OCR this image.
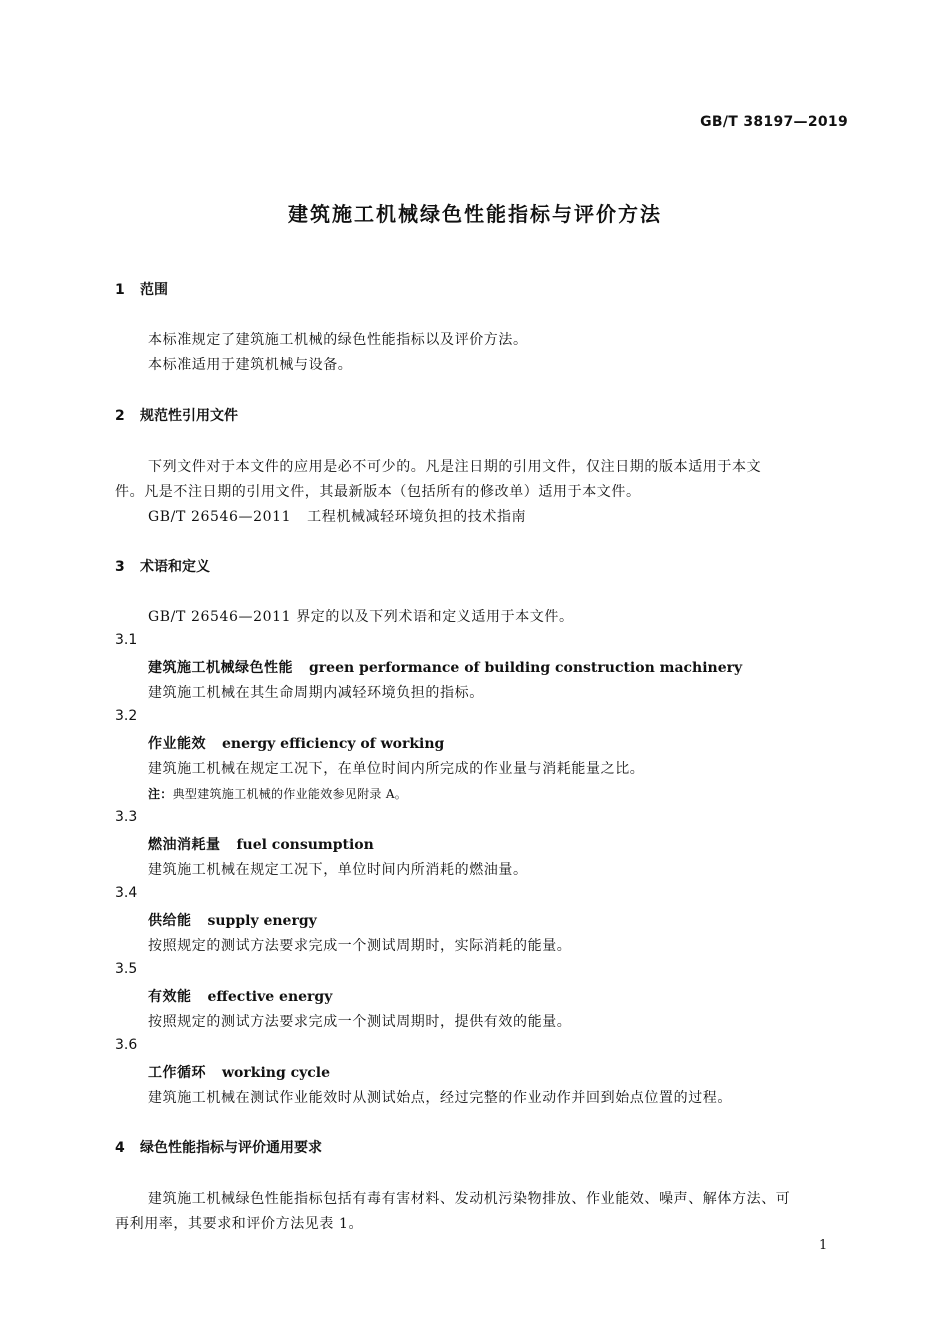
GB/T 38197—2019
建筑施工机械绿色性能指标与评价方法
1 范围
本标准规定了建筑施工机械的绿色性能指标以及评价方法。
本标准适用于建筑机械与设备。
2 规范性引用文件
下列文件对于本文件的应用是必不可少的。凡是注日期的引用文件，仅注日期的版本适用于本文
件。凡是不注日期的引用文件，其最新版本（包括所有的修改单）适用于本文件。
GB/T 26546—2011 工程机械减轻环境负担的技术指南
3 术语和定义
GB/T 26546—2011 界定的以及下列术语和定义适用于本文件。
3.1
建筑施工机械绿色性能 green performance of building construction machinery
建筑施工机械在其生命周期内减轻环境负担的指标。
3.2
作业能效 energy efficiency of working
建筑施工机械在规定工况下，在单位时间内所完成的作业量与消耗能量之比。
注：典型建筑施工机械的作业能效参见附录 A。
3.3
燃油消耗量 fuel consumption
建筑施工机械在规定工况下，单位时间内所消耗的燃油量。
3.4
供给能 supply energy
按照规定的测试方法要求完成一个测试周期时，实际消耗的能量。
3.5
有效能 effective energy
按照规定的测试方法要求完成一个测试周期时，提供有效的能量。
3.6
工作循环 working cycle
建筑施工机械在测试作业能效时从测试始点，经过完整的作业动作并回到始点位置的过程。
4 绿色性能指标与评价通用要求
建筑施工机械绿色性能指标包括有毒有害材料、发动机污染物排放、作业能效、噪声、解体方法、可
再利用率，其要求和评价方法见表 1。
1
